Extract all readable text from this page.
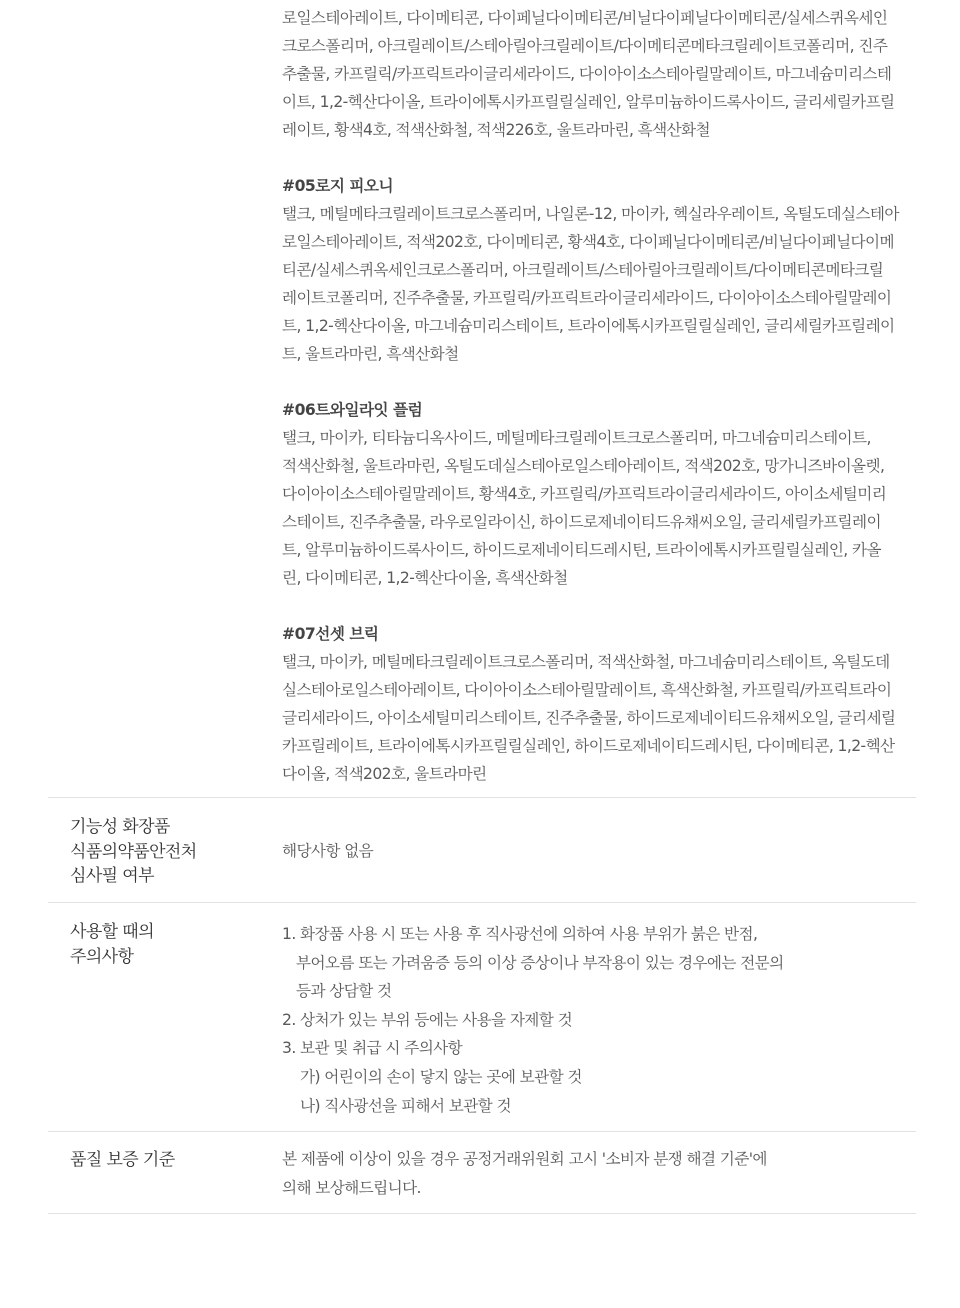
로일스테아레이트, 다이메티콘, 다이페닐다이메티콘/비닐다이페닐다이메티콘/실세스퀴옥세인
크로스폴리머, 아크릴레이트/스테아릴아크릴레이트/다이메티콘메타크릴레이트코폴리머, 진주
추출물, 카프릴릭/카프릭트라이글리세라이드, 다이아이소스테아릴말레이트, 마그네슘미리스테
이트, 1,2-헥산다이올, 트라이에톡시카프릴릴실레인, 알루미늄하이드록사이드, 글리세릴카프릴
레이트, 황색4호, 적색산화철, 적색226호, 울트라마린, 흑색산화철

#05로지 피오니

탤크, 메틸메타크릴레이트크로스폴리머, 나일론-12, 마이카, 헥실라우레이트, 옥틸도데실스테아
로일스테아레이트, 적색202호, 다이메티콘, 황색4호, 다이페닐다이메티콘/비닐다이페닐다이메
티콘/실세스퀴옥세인크로스폴리머, 아크릴레이트/스테아릴아크릴레이트/다이메티콘메타크릴
레이트코폴리머, 진주추출물, 카프릴릭/카프릭트라이글리세라이드, 다이아이소스테아릴말레이
트, 1,2-헥산다이올, 마그네슘미리스테이트, 트라이에톡시카프릴릴실레인, 글리세릴카프릴레이
트, 울트라마린, 흑색산화철

#06트와일라잇 플럼

탤크, 마이카, 티타늄디옥사이드, 메틸메타크릴레이트크로스폴리머, 마그네슘미리스테이트,
적색산화철, 울트라마린, 옥틸도데실스테아로일스테아레이트, 적색202호, 망가니즈바이올렛,
다이아이소스테아릴말레이트, 황색4호, 카프릴릭/카프릭트라이글리세라이드, 아이소세틸미리
스테이트, 진주추출물, 라우로일라이신, 하이드로제네이티드유채씨오일, 글리세릴카프릴레이
트, 알루미늄하이드록사이드, 하이드로제네이티드레시틴, 트라이에톡시카프릴릴실레인, 카올
린, 다이메티콘, 1,2-헥산다이올, 흑색산화철

#07선셋 브릭

탤크, 마이카, 메틸메타크릴레이트크로스폴리머, 적색산화철, 마그네슘미리스테이트, 옥틸도데
실스테아로일스테아레이트, 다이아이소스테아릴말레이트, 흑색산화철, 카프릴릭/카프릭트라이
글리세라이드, 아이소세틸미리스테이트, 진주추출물, 하이드로제네이티드유채씨오일, 글리세릴
카프릴레이트, 트라이에톡시카프릴릴실레인, 하이드로제네이티드레시틴, 다이메티콘, 1,2-헥산
다이올, 적색202호, 울트라마린

기능성 화장품
식품의약품안전처
심사필 여부

해당사항 없음

사용할 때의
주의사항

1. 화장품 사용 시 또는 사용 후 직사광선에 의하여 사용 부위가 붉은 반점,
부어오름 또는 가려움증 등의 이상 증상이나 부작용이 있는 경우에는 전문의
등과 상담할 것
2. 상처가 있는 부위 등에는 사용을 자제할 것
3. 보관 및 취급 시 주의사항
가) 어린이의 손이 닿지 않는 곳에 보관할 것
나) 직사광선을 피해서 보관할 것

품질 보증 기준	본 제품에 이상이 있을 경우 공정거래위원회 고시 '소비자 분쟁 해결 기준'에
의해 보상해드립니다.
